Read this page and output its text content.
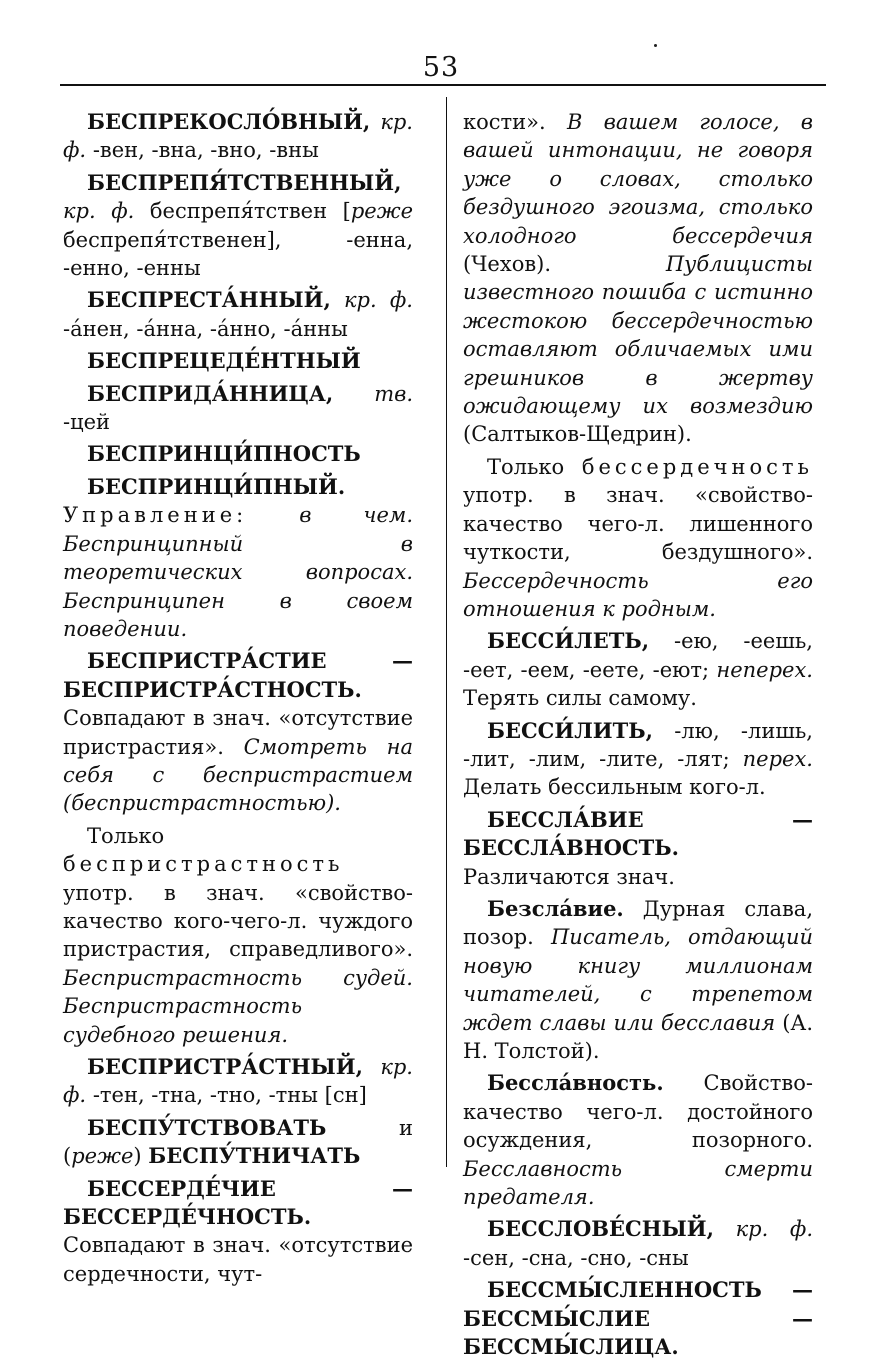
53

БЕСПРЕКОСЛО́ВНЫЙ, кр. ф. -вен, -вна, -вно, -вны

БЕСПРЕПЯ́ТСТВЕННЫЙ, кр. ф. беспрепя́тствен [реже беспрепя́тственен], -енна, -енно, -енны

БЕСПРЕСТА́ННЫЙ, кр. ф. -а́нен, -а́нна, -а́нно, -а́нны

БЕСПРЕЦЕДЕ́НТНЫЙ

БЕСПРИДА́ННИЦА, тв. -цей

БЕСПРИНЦИ́ПНОСТЬ

БЕСПРИНЦИ́ПНЫЙ. Управление: в чем. Беспринципный в теоретических вопросах. Беспринципен в своем поведении.

БЕСПРИСТРА́СТИЕ — БЕСПРИСТРА́СТНОСТЬ. Совпадают в знач. «отсутствие пристрастия». Смотреть на себя с беспристрастием (беспристрастностью).

Только беспристрастность употр. в знач. «свойство-качество кого-чего-л. чуждого пристрастия, справедливого». Беспристрастность судей. Беспристрастность судебного решения.

БЕСПРИСТРА́СТНЫЙ, кр. ф. -тен, -тна, -тно, -тны [сн]

БЕСПУ́ТСТВОВАТЬ	и (реже) БЕСПУ́ТНИЧАТЬ

БЕССЕРДЕ́ЧИЕ — БЕССЕРДЕ́ЧНОСТЬ. Совпадают в знач. «отсутствие сердечности, чут-

кости». В вашем голосе, в вашей интонации, не говоря уже о словах, столько бездушного эгоизма, столько холодного бессердечия (Чехов).	Публицисты известного пошиба с истинно жестокою бессердечностью оставляют обличаемых ими грешников в жертву ожидающему их возмездию (Салтыков-Щедрин).

Только бессердечность употр. в знач. «свойство-качество чего-л. лишенного чуткости, бездушного». Бессердечность его отношения к родным.

БЕССИ́ЛЕТЬ, -ею, -еешь, -еет, -еем, -еете, -еют; неперех. Терять силы самому.

БЕССИ́ЛИТЬ, -лю, -лишь, -лит, -лим, -лите, -лят; перех. Делать бессильным кого-л.

БЕССЛА́ВИЕ — БЕССЛА́ВНОСТЬ. Различаются знач.

Безсла́вие. Дурная слава, позор. Писатель, отдающий новую книгу миллионам читателей, с трепетом ждет славы или бесславия (А. Н. Толстой).

Бессла́вность. Свойство-качество чего-л. достойного осуждения, позорного. Бесславность смерти предателя.

БЕССЛОВЕ́СНЫЙ, кр. ф. -сен, -сна, -сно, -сны

БЕССМЫ́СЛЕННОСТЬ — БЕССМЫ́СЛИЕ — БЕССМЫ́СЛИЦА.
